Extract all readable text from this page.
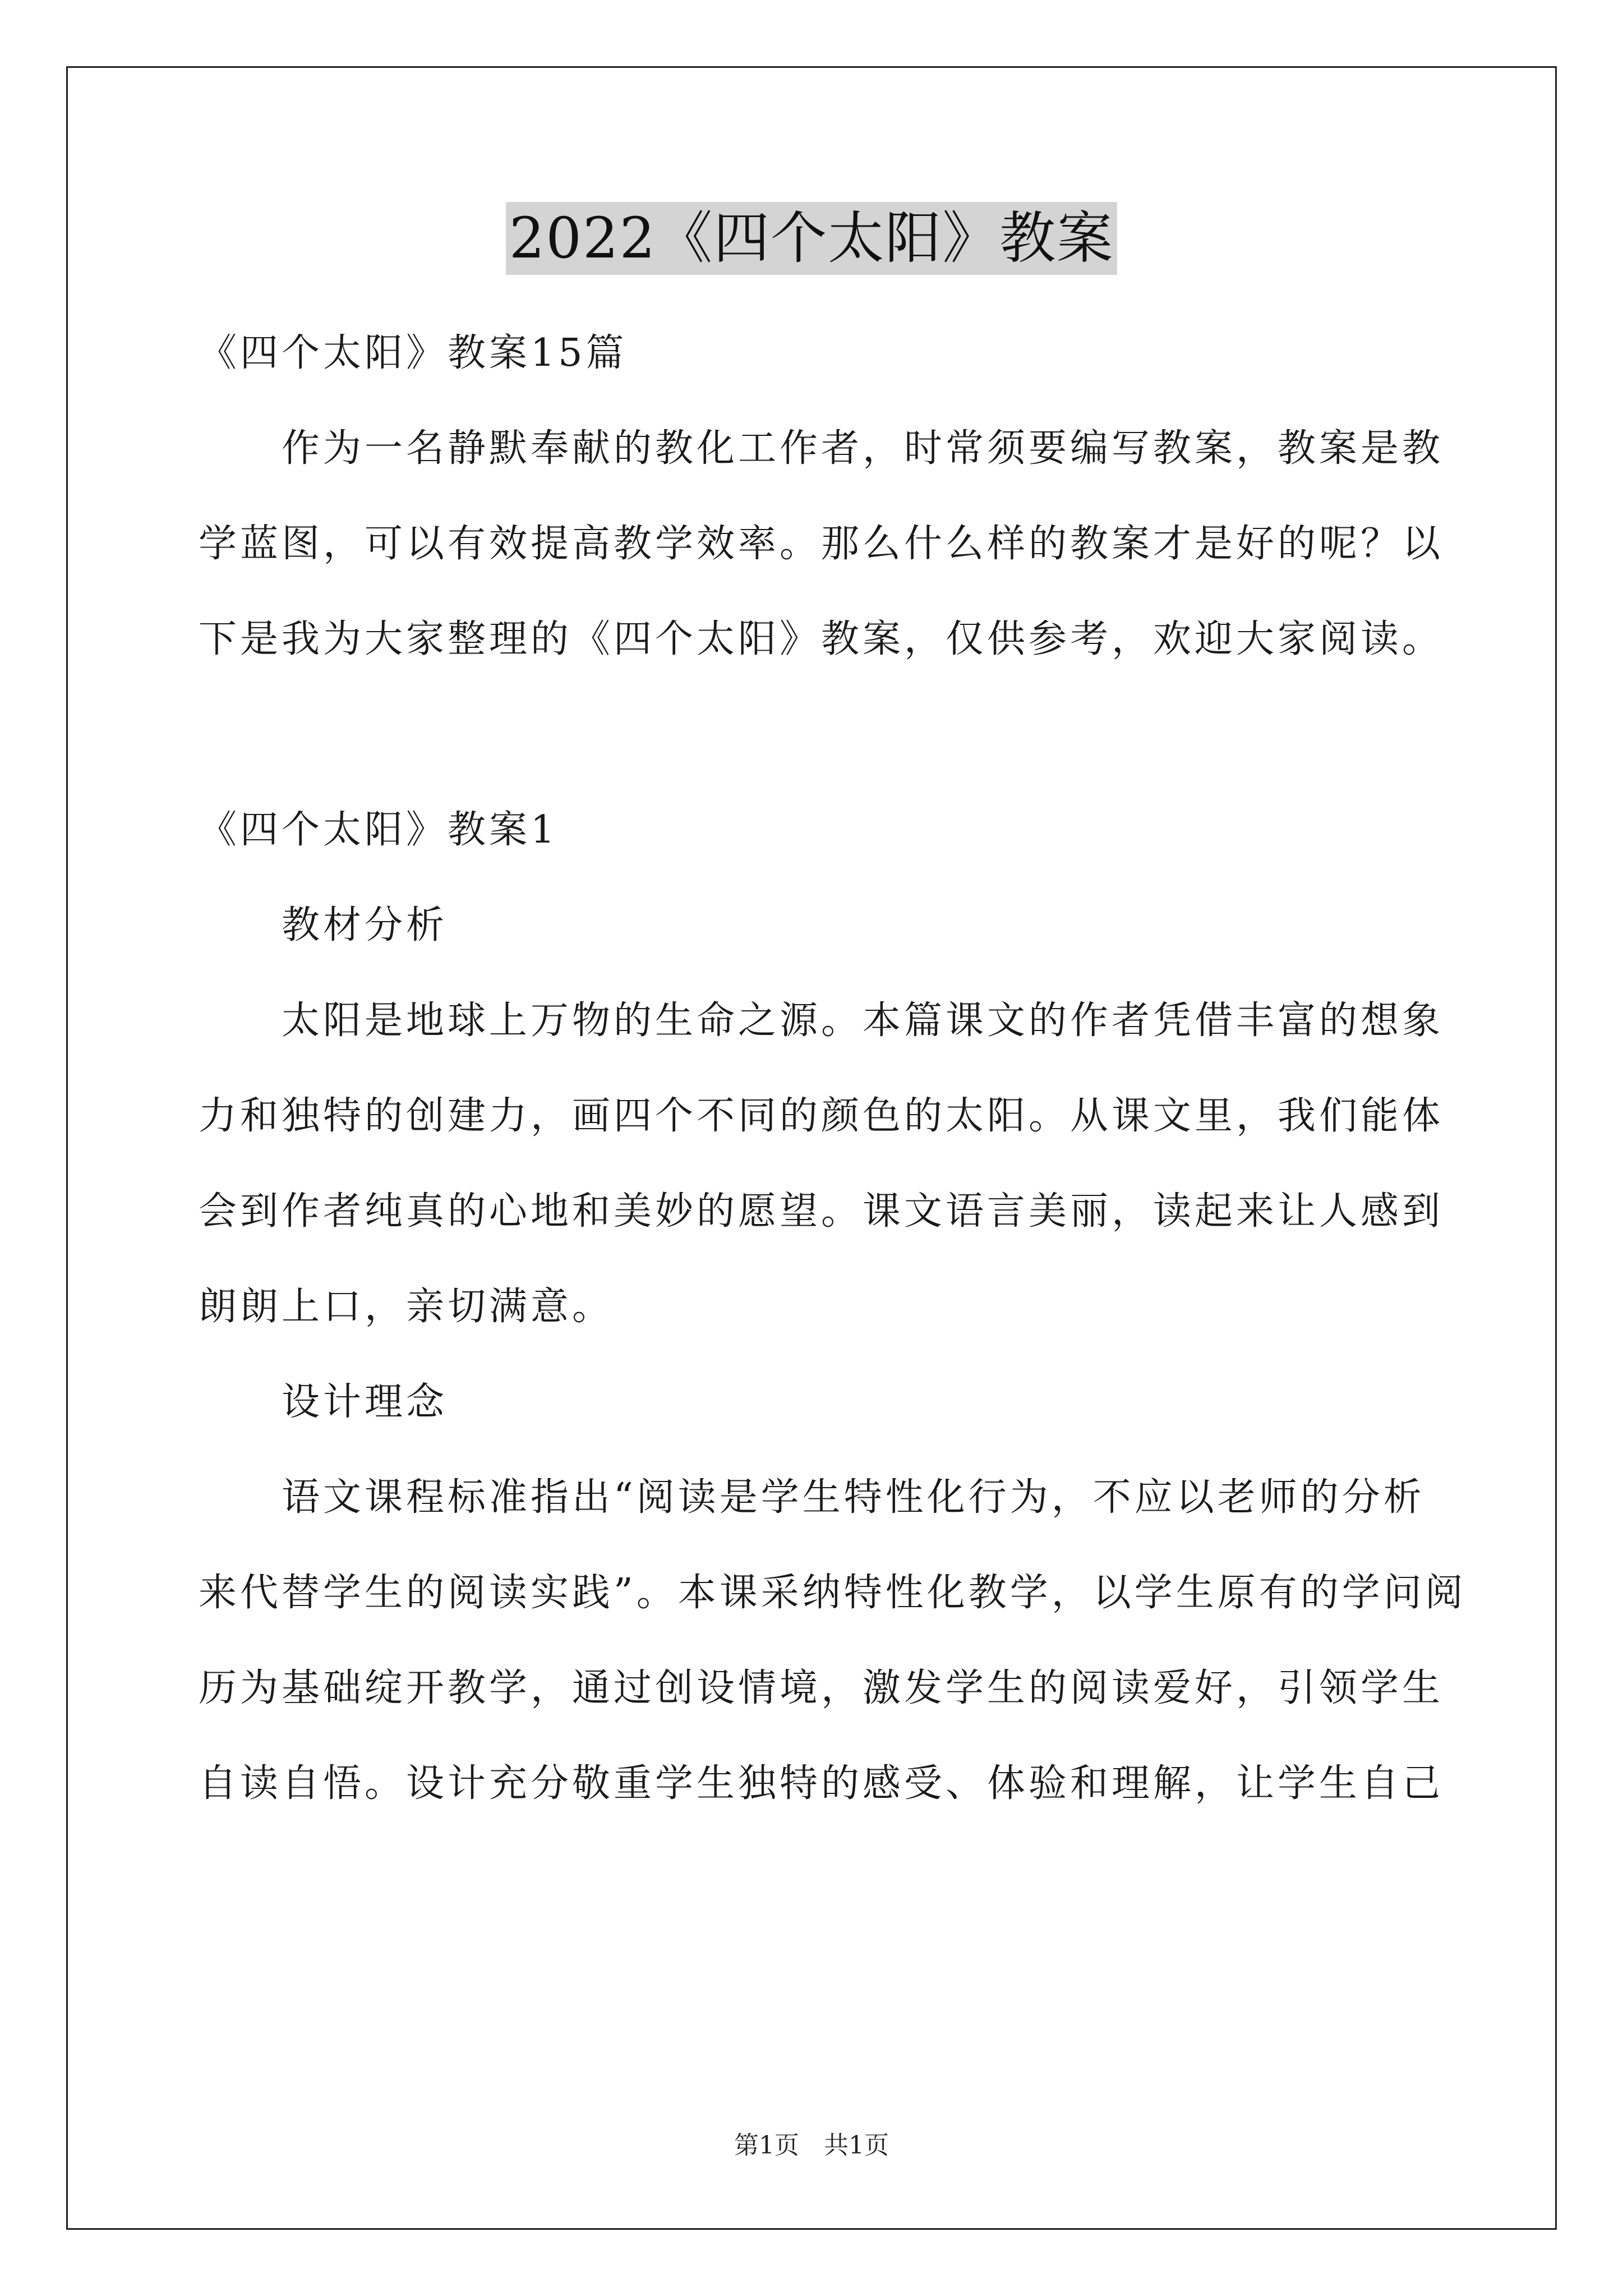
2022《四个太阳》教案
《四个太阳》教案15篇
作为一名静默奉献的教化工作者，时常须要编写教案，教案是教
学蓝图，可以有效提高教学效率。那么什么样的教案才是好的呢？以
下是我为大家整理的《四个太阳》教案，仅供参考，欢迎大家阅读。
《四个太阳》教案1
教材分析
太阳是地球上万物的生命之源。本篇课文的作者凭借丰富的想象
力和独特的创建力，画四个不同的颜色的太阳。从课文里，我们能体
会到作者纯真的心地和美妙的愿望。课文语言美丽，读起来让人感到
朗朗上口，亲切满意。
设计理念
语文课程标准指出“阅读是学生特性化行为，不应以老师的分析
来代替学生的阅读实践”。本课采纳特性化教学，以学生原有的学问阅
历为基础绽开教学，通过创设情境，激发学生的阅读爱好，引领学生
自读自悟。设计充分敬重学生独特的感受、体验和理解，让学生自己
第1页　共1页
